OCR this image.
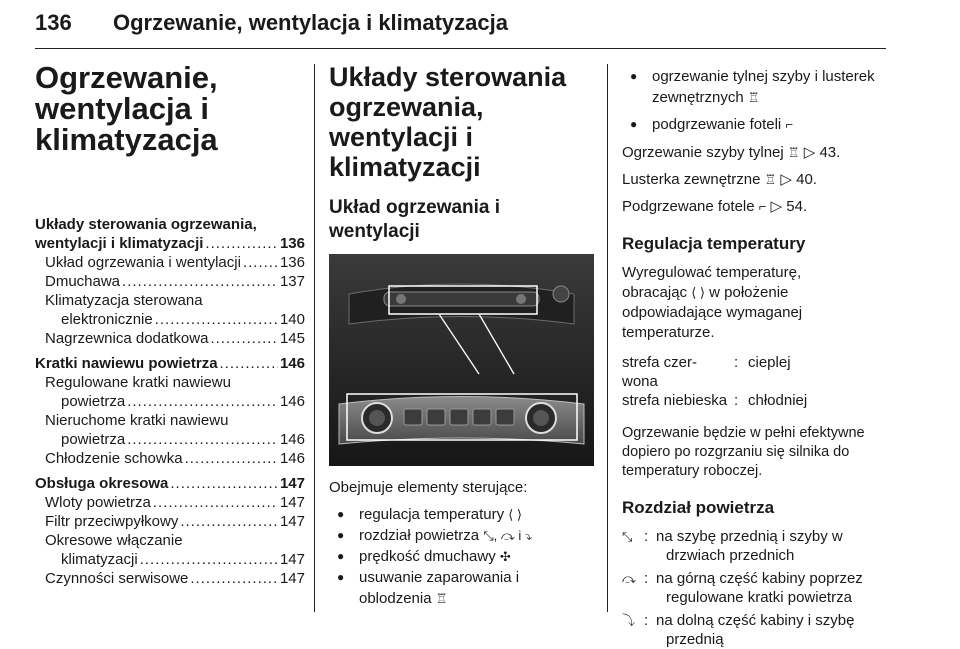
136 Ogrzewanie, wentylacja i klimatyzacja
Ogrzewanie,
wentylacja i
klimatyzacja
Układy sterowania ogrzewania,
wentylacji i klimatyzacji .....	136
Układ ogrzewania i wentylacji .....	136
Dmuchawa .....	137
Klimatyzacja sterowana
elektronicznie .....	140
Nagrzewnica dodatkowa .....	145
Kratki nawiewu powietrza .....	146
Regulowane kratki nawiewu
powietrza .....	146
Nieruchome kratki nawiewu
powietrza .....	146
Chłodzenie schowka .....	146
Obsługa okresowa .....	147
Wloty powietrza .....	147
Filtr przeciwpyłkowy .....	147
Okresowe włączanie
klimatyzacji .....	147
Czynności serwisowe .....	147
Układy sterowania
ogrzewania, wentylacji i
klimatyzacji
Układ ogrzewania i
wentylacji
Obejmuje elementy sterujące:
● regulacja temperatury ⟨ ⟩
● rozdział powietrza ⤡, ⤼ i ⤵
● prędkość dmuchawy ✣
● usuwanie zaparowania i
oblodzenia ♖
● ogrzewanie tylnej szyby i lusterek
zewnętrznych ♖
● podgrzewanie foteli ⌐

Ogrzewanie szyby tylnej ♖ ▷ 43.

Lusterka zewnętrzne ♖ ▷ 40.

Podgrzewane fotele ⌐ ▷ 54.

Regulacja temperatury
Wyregulować temperaturę,
obracając ⟨ ⟩ w położenie
odpowiadające wymaganej
temperaturze.
strefa czer-
wona	:	cieplej
strefa niebieska	:	chłodniej
Ogrzewanie będzie w pełni efektywne
dopiero po rozgrzaniu się silnika do
temperatury roboczej.
Rozdział powietrza
⤡	:	na szybę przednią i szyby w
drzwiach przednich
⤼	:	na górną część kabiny poprzez
regulowane kratki powietrza
⤵	:	na dolną część kabiny i szybę
przednią
